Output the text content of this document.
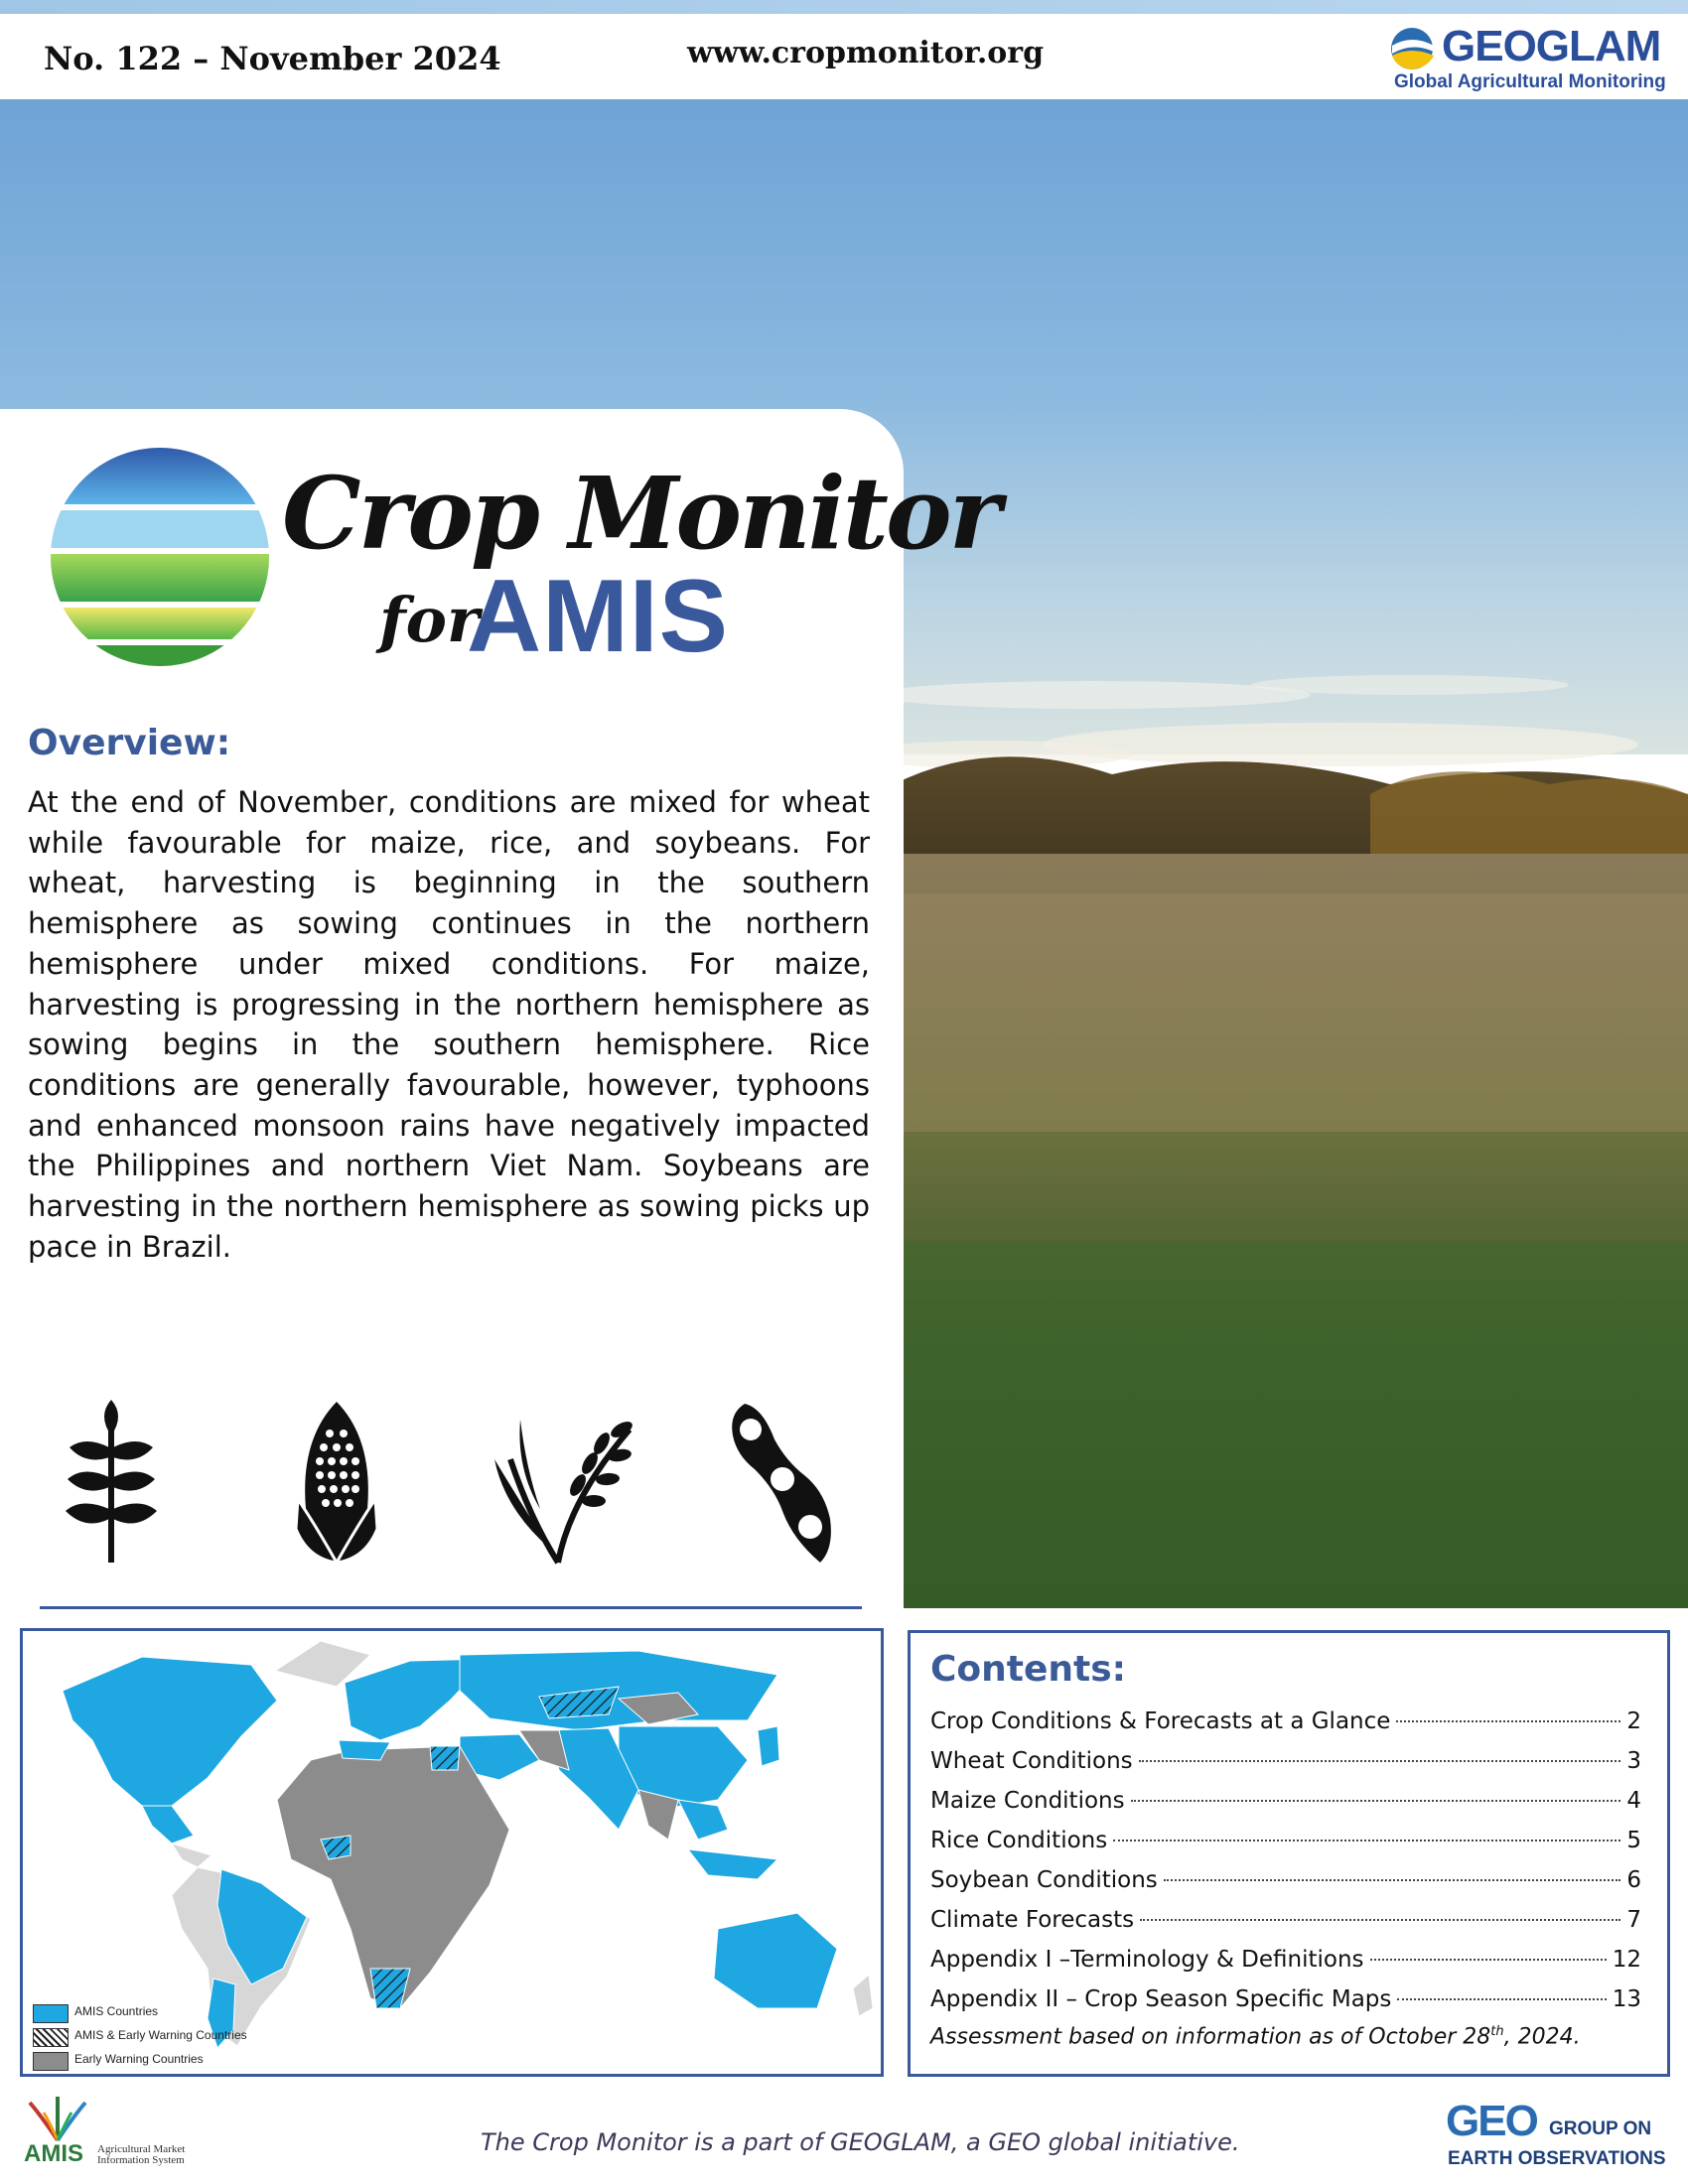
No. 122 – November 2024	www.cropmonitor.org	GEOGLAM
Global Agricultural Monitoring
Crop Monitor
for
AMIS
Overview:

At the end of November, conditions are mixed for wheat while favourable for maize, rice, and soybeans. For wheat, harvesting is beginning in the southern hemisphere as sowing continues in the northern hemisphere under mixed conditions. For maize, harvesting is progressing in the northern hemisphere as sowing begins in the southern hemisphere. Rice conditions are generally favourable, however, typhoons and enhanced monsoon rains have negatively impacted the Philippines and northern Viet Nam. Soybeans are harvesting in the northern hemisphere as sowing picks up pace in Brazil.

AMIS Countries
AMIS & Early Warning Countries
Early Warning Countries
Contents:
Crop Conditions & Forecasts at a Glance	2
Wheat Conditions	3
Maize Conditions	4
Rice Conditions	5
Soybean Conditions	6
Climate Forecasts	7
Appendix I –Terminology & Definitions	12
Appendix II – Crop Season Specific Maps	13
Assessment based on information as of October 28th, 2024.
AMIS Agricultural Market Information System
The Crop Monitor is a part of GEOGLAM, a GEO global initiative.	GEO GROUP ON
EARTH OBSERVATIONS
